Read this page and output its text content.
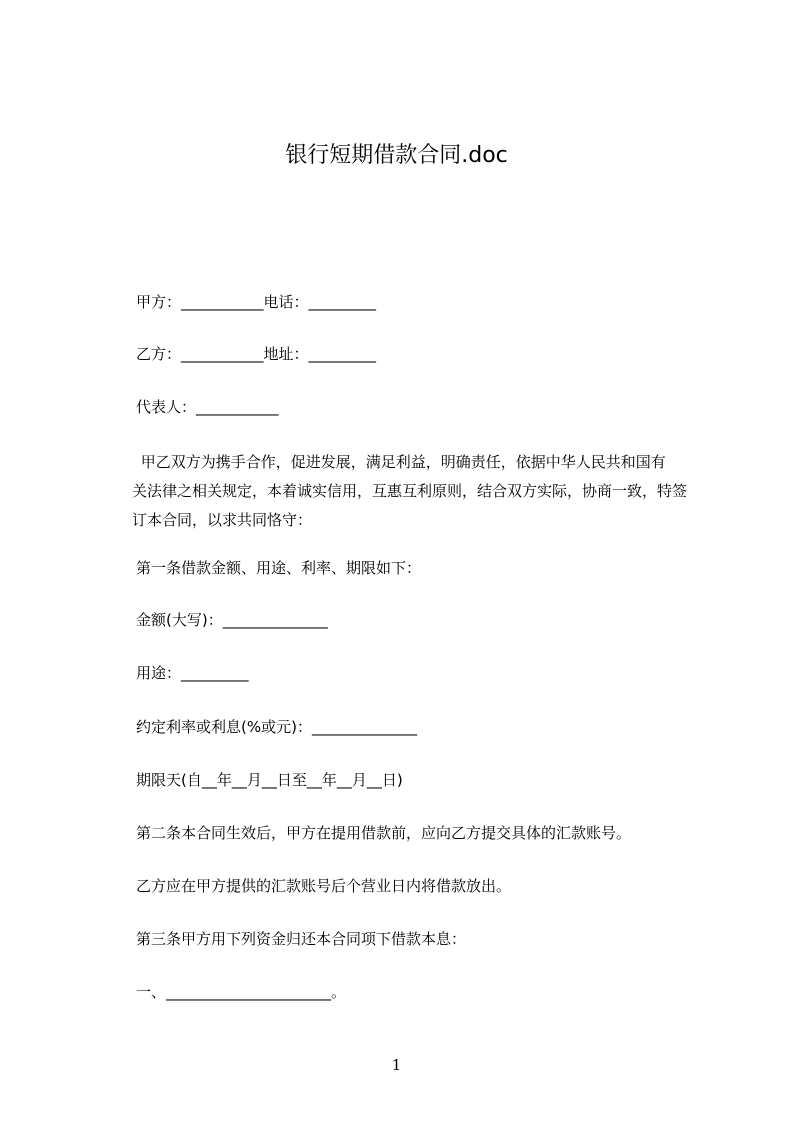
银行短期借款合同.doc
甲方：___________电话：_________
乙方：___________地址：_________
代表人：___________
甲乙双方为携手合作，促进发展，满足利益，明确责任，依据中华人民共和国有
关法律之相关规定，本着诚实信用，互惠互利原则，结合双方实际，协商一致，特签
订本合同，以求共同恪守：
第一条借款金额、用途、利率、期限如下：
金额(大写)：______________
用途：_________
约定利率或利息(%或元)：______________
期限天(自__年__月__日至__年__月__日)
第二条本合同生效后，甲方在提用借款前，应向乙方提交具体的汇款账号。
乙方应在甲方提供的汇款账号后个营业日内将借款放出。
第三条甲方用下列资金归还本合同项下借款本息：
一、______________________。
1
